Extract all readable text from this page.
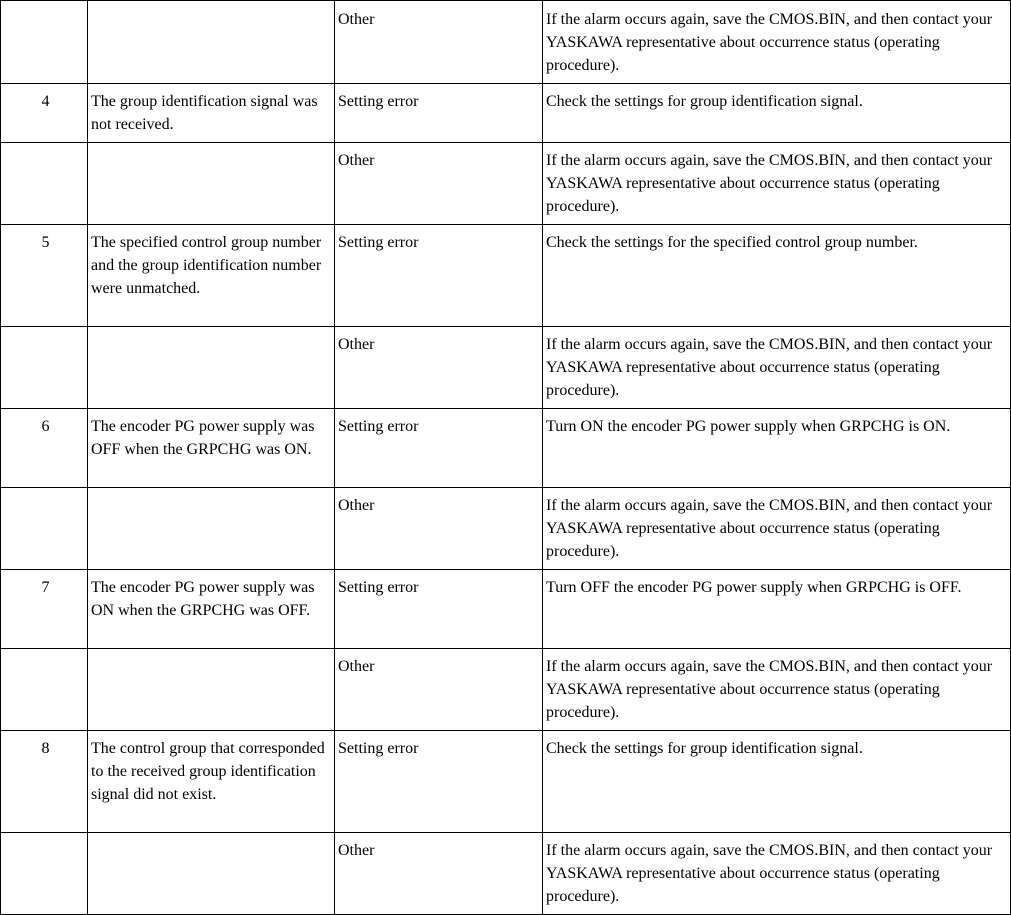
		Other	If the alarm occurs again, save the CMOS.BIN, and then contact your YASKAWA representative about occurrence status (operating procedure).
4	The group identification signal was not received.	Setting error	Check the settings for group identification signal.
		Other	If the alarm occurs again, save the CMOS.BIN, and then contact your YASKAWA representative about occurrence status (operating procedure).
5	The specified control group number and the group identification number were unmatched.	Setting error	Check the settings for the specified control group number.
		Other	If the alarm occurs again, save the CMOS.BIN, and then contact your YASKAWA representative about occurrence status (operating procedure).
6	The encoder PG power supply was OFF when the GRPCHG was ON.	Setting error	Turn ON the encoder PG power supply when GRPCHG is ON.
		Other	If the alarm occurs again, save the CMOS.BIN, and then contact your YASKAWA representative about occurrence status (operating procedure).
7	The encoder PG power supply was ON when the GRPCHG was OFF.	Setting error	Turn OFF the encoder PG power supply when GRPCHG is OFF.
		Other	If the alarm occurs again, save the CMOS.BIN, and then contact your YASKAWA representative about occurrence status (operating procedure).
8	The control group that corresponded to the received group identification signal did not exist.	Setting error	Check the settings for group identification signal.
		Other	If the alarm occurs again, save the CMOS.BIN, and then contact your YASKAWA representative about occurrence status (operating procedure).
